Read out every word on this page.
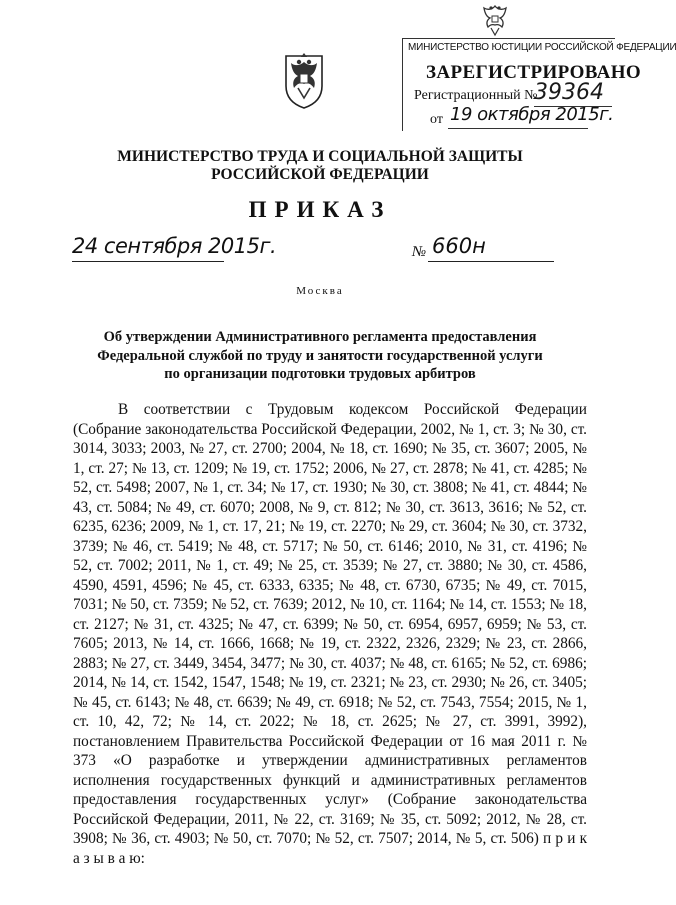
МИНИСТЕРСТВО ЮСТИЦИИ РОССИЙСКОЙ ФЕДЕРАЦИИ
ЗАРЕГИСТРИРОВАНО
Регистрационный №
39364
от 19 октября 2015г.
МИНИСТЕРСТВО ТРУДА И СОЦИАЛЬНОЙ ЗАЩИТЫ
РОССИЙСКОЙ ФЕДЕРАЦИИ
ПРИКАЗ
24 сентября 2015г.	№ 660н
Москва
Об утверждении Административного регламента предоставления
Федеральной службой по труду и занятости государственной услуги
по организации подготовки трудовых арбитров

В соответствии с Трудовым кодексом Российской Федерации (Собрание законодательства Российской Федерации, 2002, № 1, ст. 3; № 30, ст. 3014, 3033; 2003, № 27, ст. 2700; 2004, № 18, ст. 1690; № 35, ст. 3607; 2005, № 1, ст. 27; № 13, ст. 1209; № 19, ст. 1752; 2006, № 27, ст. 2878; № 41, ст. 4285; № 52, ст. 5498; 2007, № 1, ст. 34; № 17, ст. 1930; № 30, ст. 3808; № 41, ст. 4844; № 43, ст. 5084; № 49, ст. 6070; 2008, № 9, ст. 812; № 30, ст. 3613, 3616; № 52, ст. 6235, 6236; 2009, № 1, ст. 17, 21; № 19, ст. 2270; № 29, ст. 3604; № 30, ст. 3732, 3739; № 46, ст. 5419; № 48, ст. 5717; № 50, ст. 6146; 2010, № 31, ст. 4196; № 52, ст. 7002; 2011, № 1, ст. 49; № 25, ст. 3539; № 27, ст. 3880; № 30, ст. 4586, 4590, 4591, 4596; № 45, ст. 6333, 6335; № 48, ст. 6730, 6735; № 49, ст. 7015, 7031; № 50, ст. 7359; № 52, ст. 7639; 2012, № 10, ст. 1164; № 14, ст. 1553; № 18, ст. 2127; № 31, ст. 4325; № 47, ст. 6399; № 50, ст. 6954, 6957, 6959; № 53, ст. 7605; 2013, № 14, ст. 1666, 1668; № 19, ст. 2322, 2326, 2329; № 23, ст. 2866, 2883; № 27, ст. 3449, 3454, 3477; № 30, ст. 4037; № 48, ст. 6165; № 52, ст. 6986; 2014, № 14, ст. 1542, 1547, 1548; № 19, ст. 2321; № 23, ст. 2930; № 26, ст. 3405; № 45, ст. 6143; № 48, ст. 6639; № 49, ст. 6918; № 52, ст. 7543, 7554; 2015, № 1, ст. 10, 42, 72; № 14, ст. 2022; № 18, ст. 2625; № 27, ст. 3991, 3992), постановлением Правительства Российской Федерации от 16 мая 2011 г. № 373 «О разработке и утверждении административных регламентов исполнения государственных функций и административных регламентов предоставления государственных услуг» (Собрание законодательства Российской Федерации, 2011, № 22, ст. 3169; № 35, ст. 5092; 2012, № 28, ст. 3908; № 36, ст. 4903; № 50, ст. 7070; № 52, ст. 7507; 2014, № 5, ст. 506) п р и к а з ы в а ю:
